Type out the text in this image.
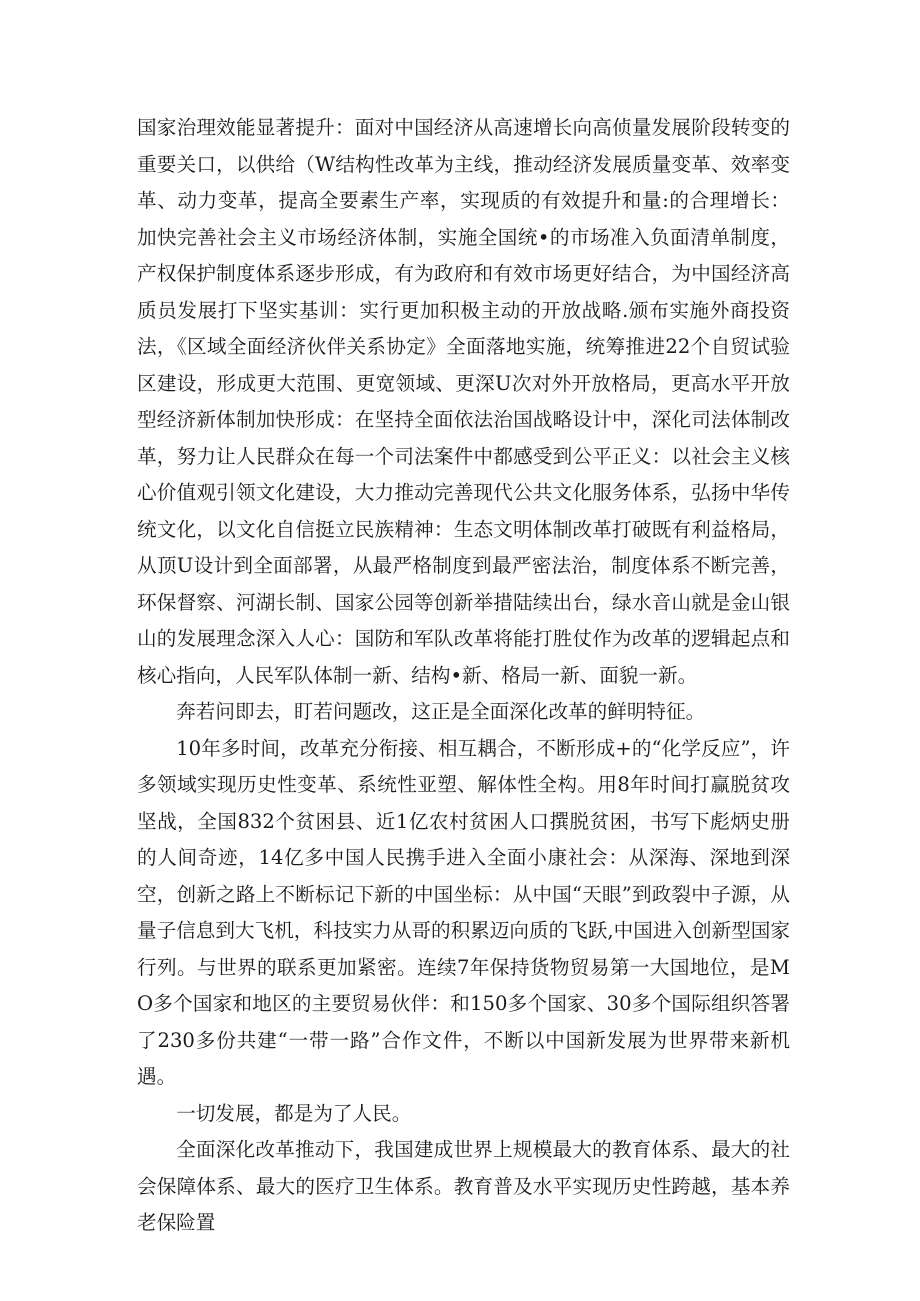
国家治理效能显著提升：面对中国经济从高速增长向高侦量发展阶段转变的重要关口，以供给（W结构性改革为主线，推动经济发展质量变革、效率变革、动力变革，提高全要素生产率，实现质的有效提升和量:的合理增长：加快完善社会主义市场经济体制，实施全国统•的市场准入负面清单制度，产权保护制度体系逐步形成，有为政府和有效市场更好结合，为中国经济高质员发展打下坚实基训：实行更加积极主动的开放战略.颁布实施外商投资法，《区域全面经济伙伴关系协定》全面落地实施，统筹推进22个自贸试验区建设，形成更大范围、更宽领域、更深U次对外开放格局，更高水平开放型经济新体制加快形成：在坚持全面依法治国战略设计中，深化司法体制改革，努力让人民群众在每一个司法案件中都感受到公平正义：以社会主义核心价值观引领文化建设，大力推动完善现代公共文化服务体系，弘扬中华传统文化，以文化自信挺立民族精神：生态文明体制改革打破既有利益格局，从顶U设计到全面部署，从最严格制度到最严密法治，制度体系不断完善，环保督察、河湖长制、国家公园等创新举措陆续出台，绿水音山就是金山银山的发展理念深入人心：国防和军队改革将能打胜仗作为改革的逻辑起点和核心指向，人民军队体制一新、结构•新、格局一新、面貌一新。

奔若问即去，盯若问题改，这正是全面深化改革的鲜明特征。

10年多时间，改革充分衔接、相互耦合，不断形成+的“化学反应”，许多领域实现历史性变革、系统性亚塑、解体性全构。用8年时间打赢脱贫攻坚战，全国832个贫困县、近1亿农村贫困人口撰脱贫困，书写下彪炳史册的人间奇迹，14亿多中国人民携手进入全面小康社会：从深海、深地到深空，创新之路上不断标记下新的中国坐标：从中国“天眼”到政裂中子源，从量子信息到大飞机，科技实力从哥的积累迈向质的飞跃,中国进入创新型国家行列。与世界的联系更加紧密。连续7年保持货物贸易第一大国地位，是MO多个国家和地区的主要贸易伙伴：和150多个国家、30多个国际组织答署了230多份共建“一带一路”合作文件，不断以中国新发展为世界带来新机遇。

一切发展，都是为了人民。

全面深化改革推动下，我国建成世界上规模最大的教育体系、最大的社会保障体系、最大的医疗卫生体系。教育普及水平实现历史性跨越，基本养老保险置
